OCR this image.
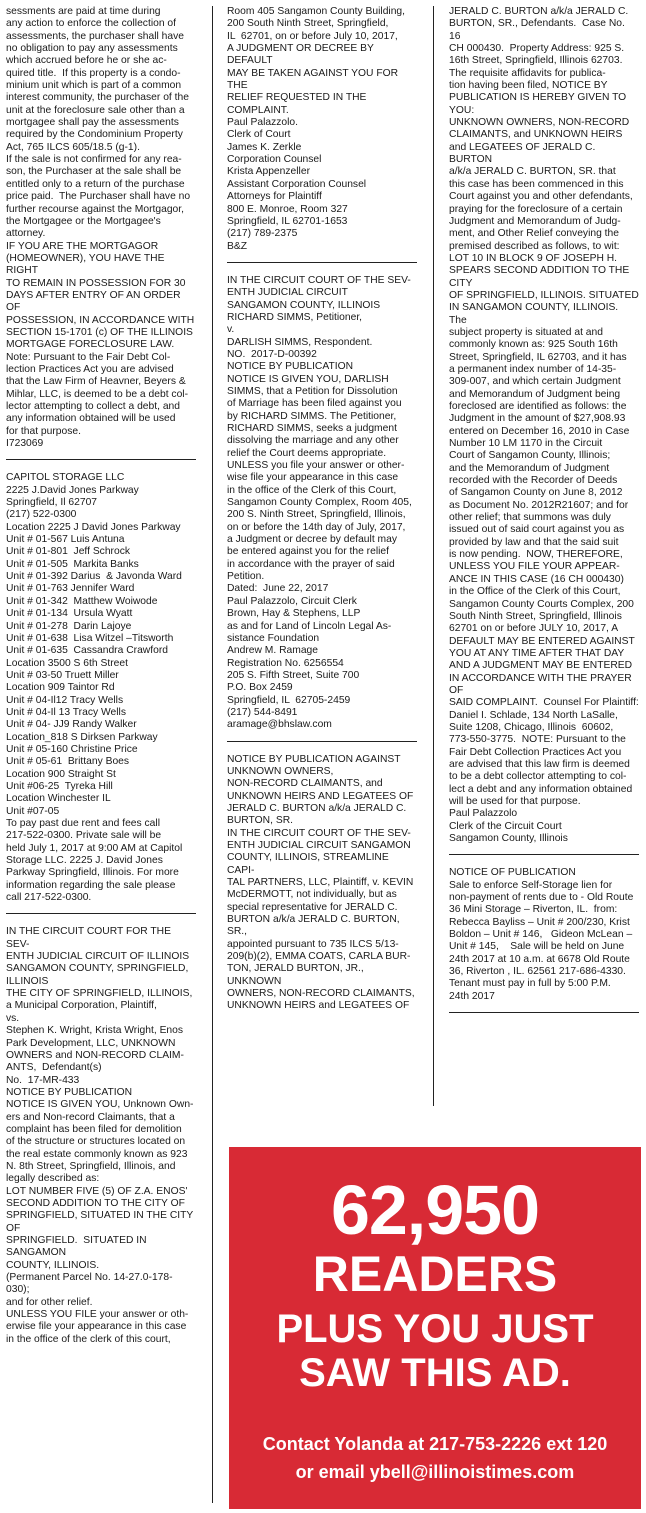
sessments are paid at time during
any action to enforce the collection of
assessments, the purchaser shall have
no obligation to pay any assessments
which accrued before he or she ac-
quired title.  If this property is a condo-
minium unit which is part of a common
interest community, the purchaser of the
unit at the foreclosure sale other than a
mortgagee shall pay the assessments
required by the Condominium Property
Act, 765 ILCS 605/18.5 (g-1).
If the sale is not confirmed for any rea-
son, the Purchaser at the sale shall be
entitled only to a return of the purchase
price paid.  The Purchaser shall have no
further recourse against the Mortgagor,
the Mortgagee or the Mortgagee's
attorney.
IF YOU ARE THE MORTGAGOR
(HOMEOWNER), YOU HAVE THE RIGHT
TO REMAIN IN POSSESSION FOR 30
DAYS AFTER ENTRY OF AN ORDER OF
POSSESSION, IN ACCORDANCE WITH
SECTION 15-1701 (c) OF THE ILLINOIS
MORTGAGE FORECLOSURE LAW.
Note: Pursuant to the Fair Debt Col-
lection Practices Act you are advised
that the Law Firm of Heavner, Beyers &
Mihlar, LLC, is deemed to be a debt col-
lector attempting to collect a debt, and
any information obtained will be used
for that purpose.
I723069
CAPITOL STORAGE LLC
2225 J.David Jones Parkway
Springfield, Il 62707
(217) 522-0300
Location 2225 J David Jones Parkway
Unit # 01-567 Luis Antuna
Unit # 01-801  Jeff Schrock
Unit # 01-505  Markita Banks
Unit # 01-392 Darius  & Javonda Ward
Unit # 01-763 Jennifer Ward
Unit # 01-342  Matthew Woiwode
Unit # 01-134  Ursula Wyatt
Unit # 01-278  Darin Lajoye
Unit # 01-638  Lisa Witzel –Titsworth
Unit # 01-635  Cassandra Crawford
Location 3500 S 6th Street
Unit # 03-50 Truett Miller
Location 909 Taintor Rd
Unit # 04-Il12 Tracy Wells
Unit # 04-Il 13 Tracy Wells
Unit # 04- JJ9 Randy Walker
Location_818 S Dirksen Parkway
Unit # 05-160 Christine Price
Unit # 05-61  Brittany Boes
Location 900 Straight St
Unit #06-25  Tyreka Hill
Location Winchester IL
Unit #07-05
To pay past due rent and fees call
217-522-0300. Private sale will be
held July 1, 2017 at 9:00 AM at Capitol
Storage LLC. 2225 J. David Jones
Parkway Springfield, Illinois. For more
information regarding the sale please
call 217-522-0300.
IN THE CIRCUIT COURT FOR THE SEV-
ENTH JUDICIAL CIRCUIT OF ILLINOIS
SANGAMON COUNTY, SPRINGFIELD,
ILLINOIS
THE CITY OF SPRINGFIELD, ILLINOIS,
a Municipal Corporation, Plaintiff,
vs.
Stephen K. Wright, Krista Wright, Enos
Park Development, LLC, UNKNOWN
OWNERS and NON-RECORD CLAIM-
ANTS,  Defendant(s)
No.  17-MR-433
NOTICE BY PUBLICATION
NOTICE IS GIVEN YOU, Unknown Own-
ers and Non-record Claimants, that a
complaint has been filed for demolition
of the structure or structures located on
the real estate commonly known as 923
N. 8th Street, Springfield, Illinois, and
legally described as:
LOT NUMBER FIVE (5) OF Z.A. ENOS'
SECOND ADDITION TO THE CITY OF
SPRINGFIELD, SITUATED IN THE CITY OF
SPRINGFIELD.  SITUATED IN SANGAMON
COUNTY, ILLINOIS.
(Permanent Parcel No. 14-27.0-178-
030);
and for other relief.
UNLESS YOU FILE your answer or oth-
erwise file your appearance in this case
in the office of the clerk of this court,
Room 405 Sangamon County Building,
200 South Ninth Street, Springfield,
IL  62701, on or before July 10, 2017,
A JUDGMENT OR DECREE BY DEFAULT
MAY BE TAKEN AGAINST YOU FOR THE
RELIEF REQUESTED IN THE COMPLAINT.
Paul Palazzolo.
Clerk of Court
James K. Zerkle
Corporation Counsel
Krista Appenzeller
Assistant Corporation Counsel
Attorneys for Plaintiff
800 E. Monroe, Room 327
Springfield, IL 62701-1653
(217) 789-2375
B&Z
IN THE CIRCUIT COURT OF THE SEV-
ENTH JUDICIAL CIRCUIT
SANGAMON COUNTY, ILLINOIS
RICHARD SIMMS, Petitioner,
v.
DARLISH SIMMS, Respondent.
NO.  2017-D-00392
NOTICE BY PUBLICATION
NOTICE IS GIVEN YOU, DARLISH
SIMMS, that a Petition for Dissolution
of Marriage has been filed against you
by RICHARD SIMMS. The Petitioner,
RICHARD SIMMS, seeks a judgment
dissolving the marriage and any other
relief the Court deems appropriate.
UNLESS you file your answer or other-
wise file your appearance in this case
in the office of the Clerk of this Court,
Sangamon County Complex, Room 405,
200 S. Ninth Street, Springfield, Illinois,
on or before the 14th day of July, 2017,
a Judgment or decree by default may
be entered against you for the relief
in accordance with the prayer of said
Petition.
Dated:  June 22, 2017
Paul Palazzolo, Circuit Clerk
Brown, Hay & Stephens, LLP
as and for Land of Lincoln Legal As-
sistance Foundation
Andrew M. Ramage
Registration No. 6256554
205 S. Fifth Street, Suite 700
P.O. Box 2459
Springfield, IL  62705-2459
(217) 544-8491
aramage@bhslaw.com
NOTICE BY PUBLICATION AGAINST
UNKNOWN OWNERS,
NON-RECORD CLAIMANTS, and
UNKNOWN HEIRS AND LEGATEES OF
JERALD C. BURTON a/k/a JERALD C.
BURTON, SR.
IN THE CIRCUIT COURT OF THE SEV-
ENTH JUDICIAL CIRCUIT SANGAMON
COUNTY, ILLINOIS, STREAMLINE CAPI-
TAL PARTNERS, LLC, Plaintiff, v. KEVIN
McDERMOTT, not individually, but as
special representative for JERALD C.
BURTON a/k/a JERALD C. BURTON, SR.,
appointed pursuant to 735 ILCS 5/13-
209(b)(2), EMMA COATS, CARLA BUR-
TON, JERALD BURTON, JR., UNKNOWN
OWNERS, NON-RECORD CLAIMANTS,
UNKNOWN HEIRS and LEGATEES OF
JERALD C. BURTON a/k/a JERALD C.
BURTON, SR., Defendants.  Case No. 16
CH 000430.  Property Address: 925 S.
16th Street, Springfield, Illinois 62703.
The requisite affidavits for publica-
tion having been filed, NOTICE BY
PUBLICATION IS HEREBY GIVEN TO YOU:
UNKNOWN OWNERS, NON-RECORD
CLAIMANTS, and UNKNOWN HEIRS
and LEGATEES OF JERALD C. BURTON
a/k/a JERALD C. BURTON, SR. that
this case has been commenced in this
Court against you and other defendants,
praying for the foreclosure of a certain
Judgment and Memorandum of Judg-
ment, and Other Relief conveying the
premised described as follows, to wit:
LOT 10 IN BLOCK 9 OF JOSEPH H.
SPEARS SECOND ADDITION TO THE CITY
OF SPRINGFIELD, ILLINOIS. SITUATED
IN SANGAMON COUNTY, ILLINOIS.  The
subject property is situated at and
commonly known as: 925 South 16th
Street, Springfield, IL 62703, and it has
a permanent index number of 14-35-
309-007, and which certain Judgment
and Memorandum of Judgment being
foreclosed are identified as follows: the
Judgment in the amount of $27,908.93
entered on December 16, 2010 in Case
Number 10 LM 1170 in the Circuit
Court of Sangamon County, Illinois;
and the Memorandum of Judgment
recorded with the Recorder of Deeds
of Sangamon County on June 8, 2012
as Document No. 2012R21607; and for
other relief; that summons was duly
issued out of said court against you as
provided by law and that the said suit
is now pending.  NOW, THEREFORE,
UNLESS YOU FILE YOUR APPEAR-
ANCE IN THIS CASE (16 CH 000430)
in the Office of the Clerk of this Court,
Sangamon County Courts Complex, 200
South Ninth Street, Springfield, Illinois
62701 on or before JULY 10, 2017, A
DEFAULT MAY BE ENTERED AGAINST
YOU AT ANY TIME AFTER THAT DAY
AND A JUDGMENT MAY BE ENTERED
IN ACCORDANCE WITH THE PRAYER OF
SAID COMPLAINT.  Counsel For Plaintiff:
Daniel I. Schlade, 134 North LaSalle,
Suite 1208, Chicago, Illinois  60602,
773-550-3775.  NOTE: Pursuant to the
Fair Debt Collection Practices Act you
are advised that this law firm is deemed
to be a debt collector attempting to col-
lect a debt and any information obtained
will be used for that purpose.
Paul Palazzolo
Clerk of the Circuit Court
Sangamon County, Illinois
NOTICE OF PUBLICATION
Sale to enforce Self-Storage lien for
non-payment of rents due to - Old Route
36 Mini Storage – Riverton, IL.  from:
Rebecca Bayliss – Unit # 200/230, Krist
Boldon – Unit # 146,   Gideon McLean –
Unit # 145,    Sale will be held on June
24th 2017 at 10 a.m. at 6678 Old Route
36, Riverton , IL. 62561 217-686-4330.
Tenant must pay in full by 5:00 P.M.
24th 2017
62,950
READERS
PLUS YOU JUST
SAW THIS AD.
Contact Yolanda at 217-753-2226 ext 120
or email ybell@illinoistimes.com
